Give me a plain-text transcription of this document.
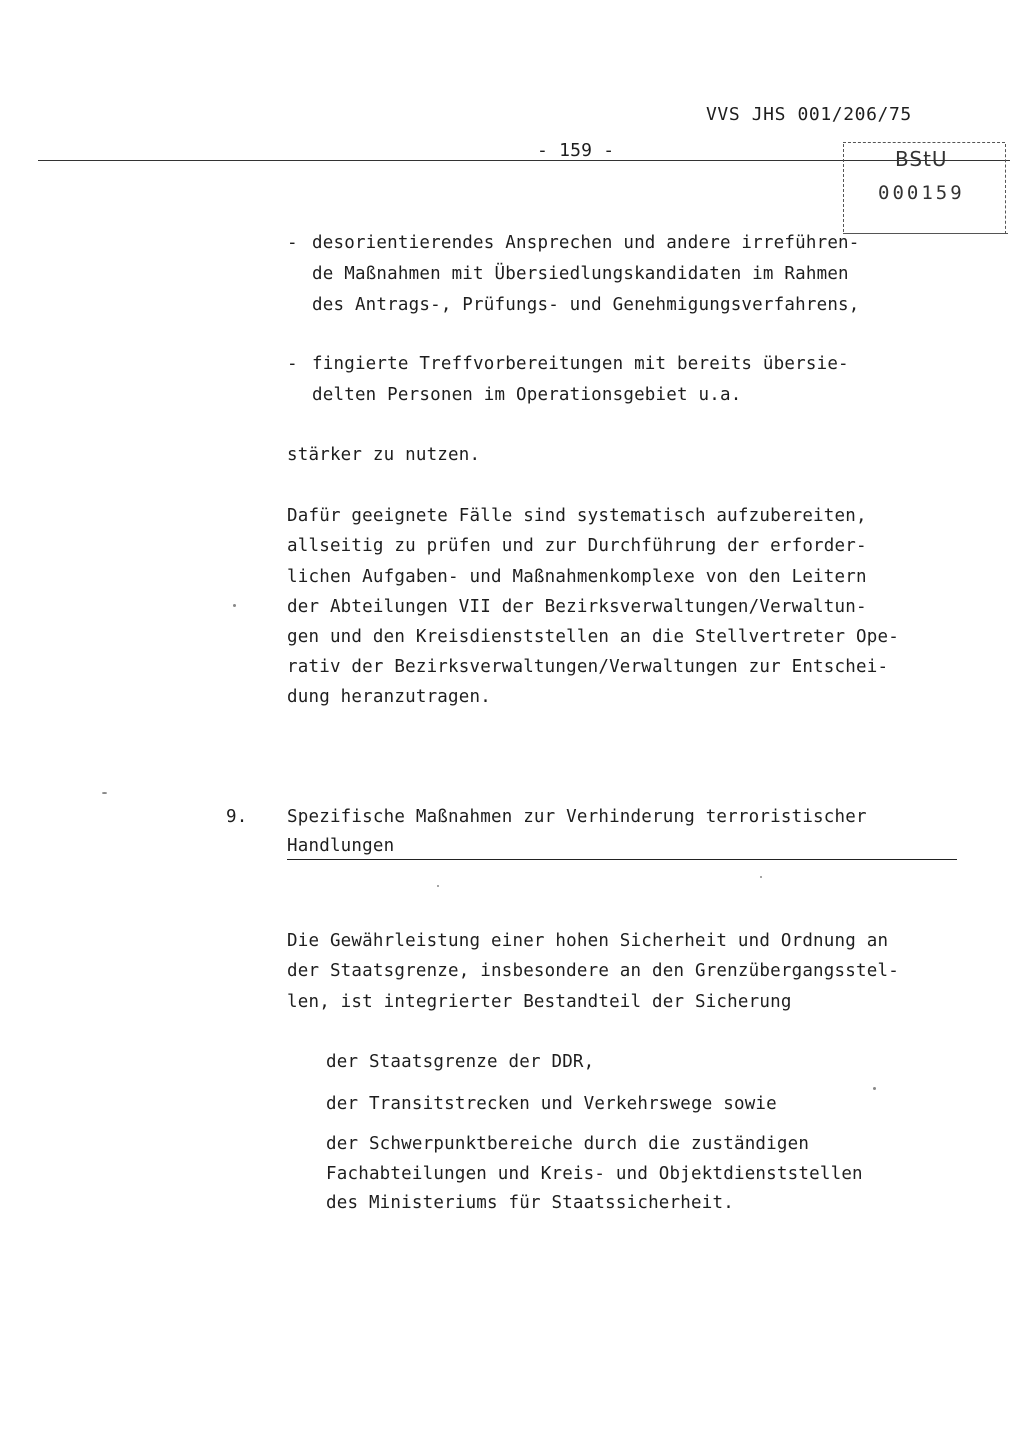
VVS JHS 001/206/75
- 159 -	BStU
000159
- desorientierendes Ansprechen und andere irreführen-
de Maßnahmen mit Übersiedlungskandidaten im Rahmen
des Antrags-, Prüfungs- und Genehmigungsverfahrens,
- fingierte Treffvorbereitungen mit bereits übersie-
delten Personen im Operationsgebiet u.a.
stärker zu nutzen.
Dafür geeignete Fälle sind systematisch aufzubereiten,
allseitig zu prüfen und zur Durchführung der erforder-
lichen Aufgaben- und Maßnahmenkomplexe von den Leitern
der Abteilungen VII der Bezirksverwaltungen/Verwaltun-
gen und den Kreisdienststellen an die Stellvertreter Ope-
rativ der Bezirksverwaltungen/Verwaltungen zur Entschei-
dung heranzutragen.
9. Spezifische Maßnahmen zur Verhinderung terroristischer
Handlungen
Die Gewährleistung einer hohen Sicherheit und Ordnung an
der Staatsgrenze, insbesondere an den Grenzübergangsstel-
len, ist integrierter Bestandteil der Sicherung
der Staatsgrenze der DDR,
der Transitstrecken und Verkehrswege sowie
der Schwerpunktbereiche durch die zuständigen
Fachabteilungen und Kreis- und Objektdienststellen
des Ministeriums für Staatssicherheit.
